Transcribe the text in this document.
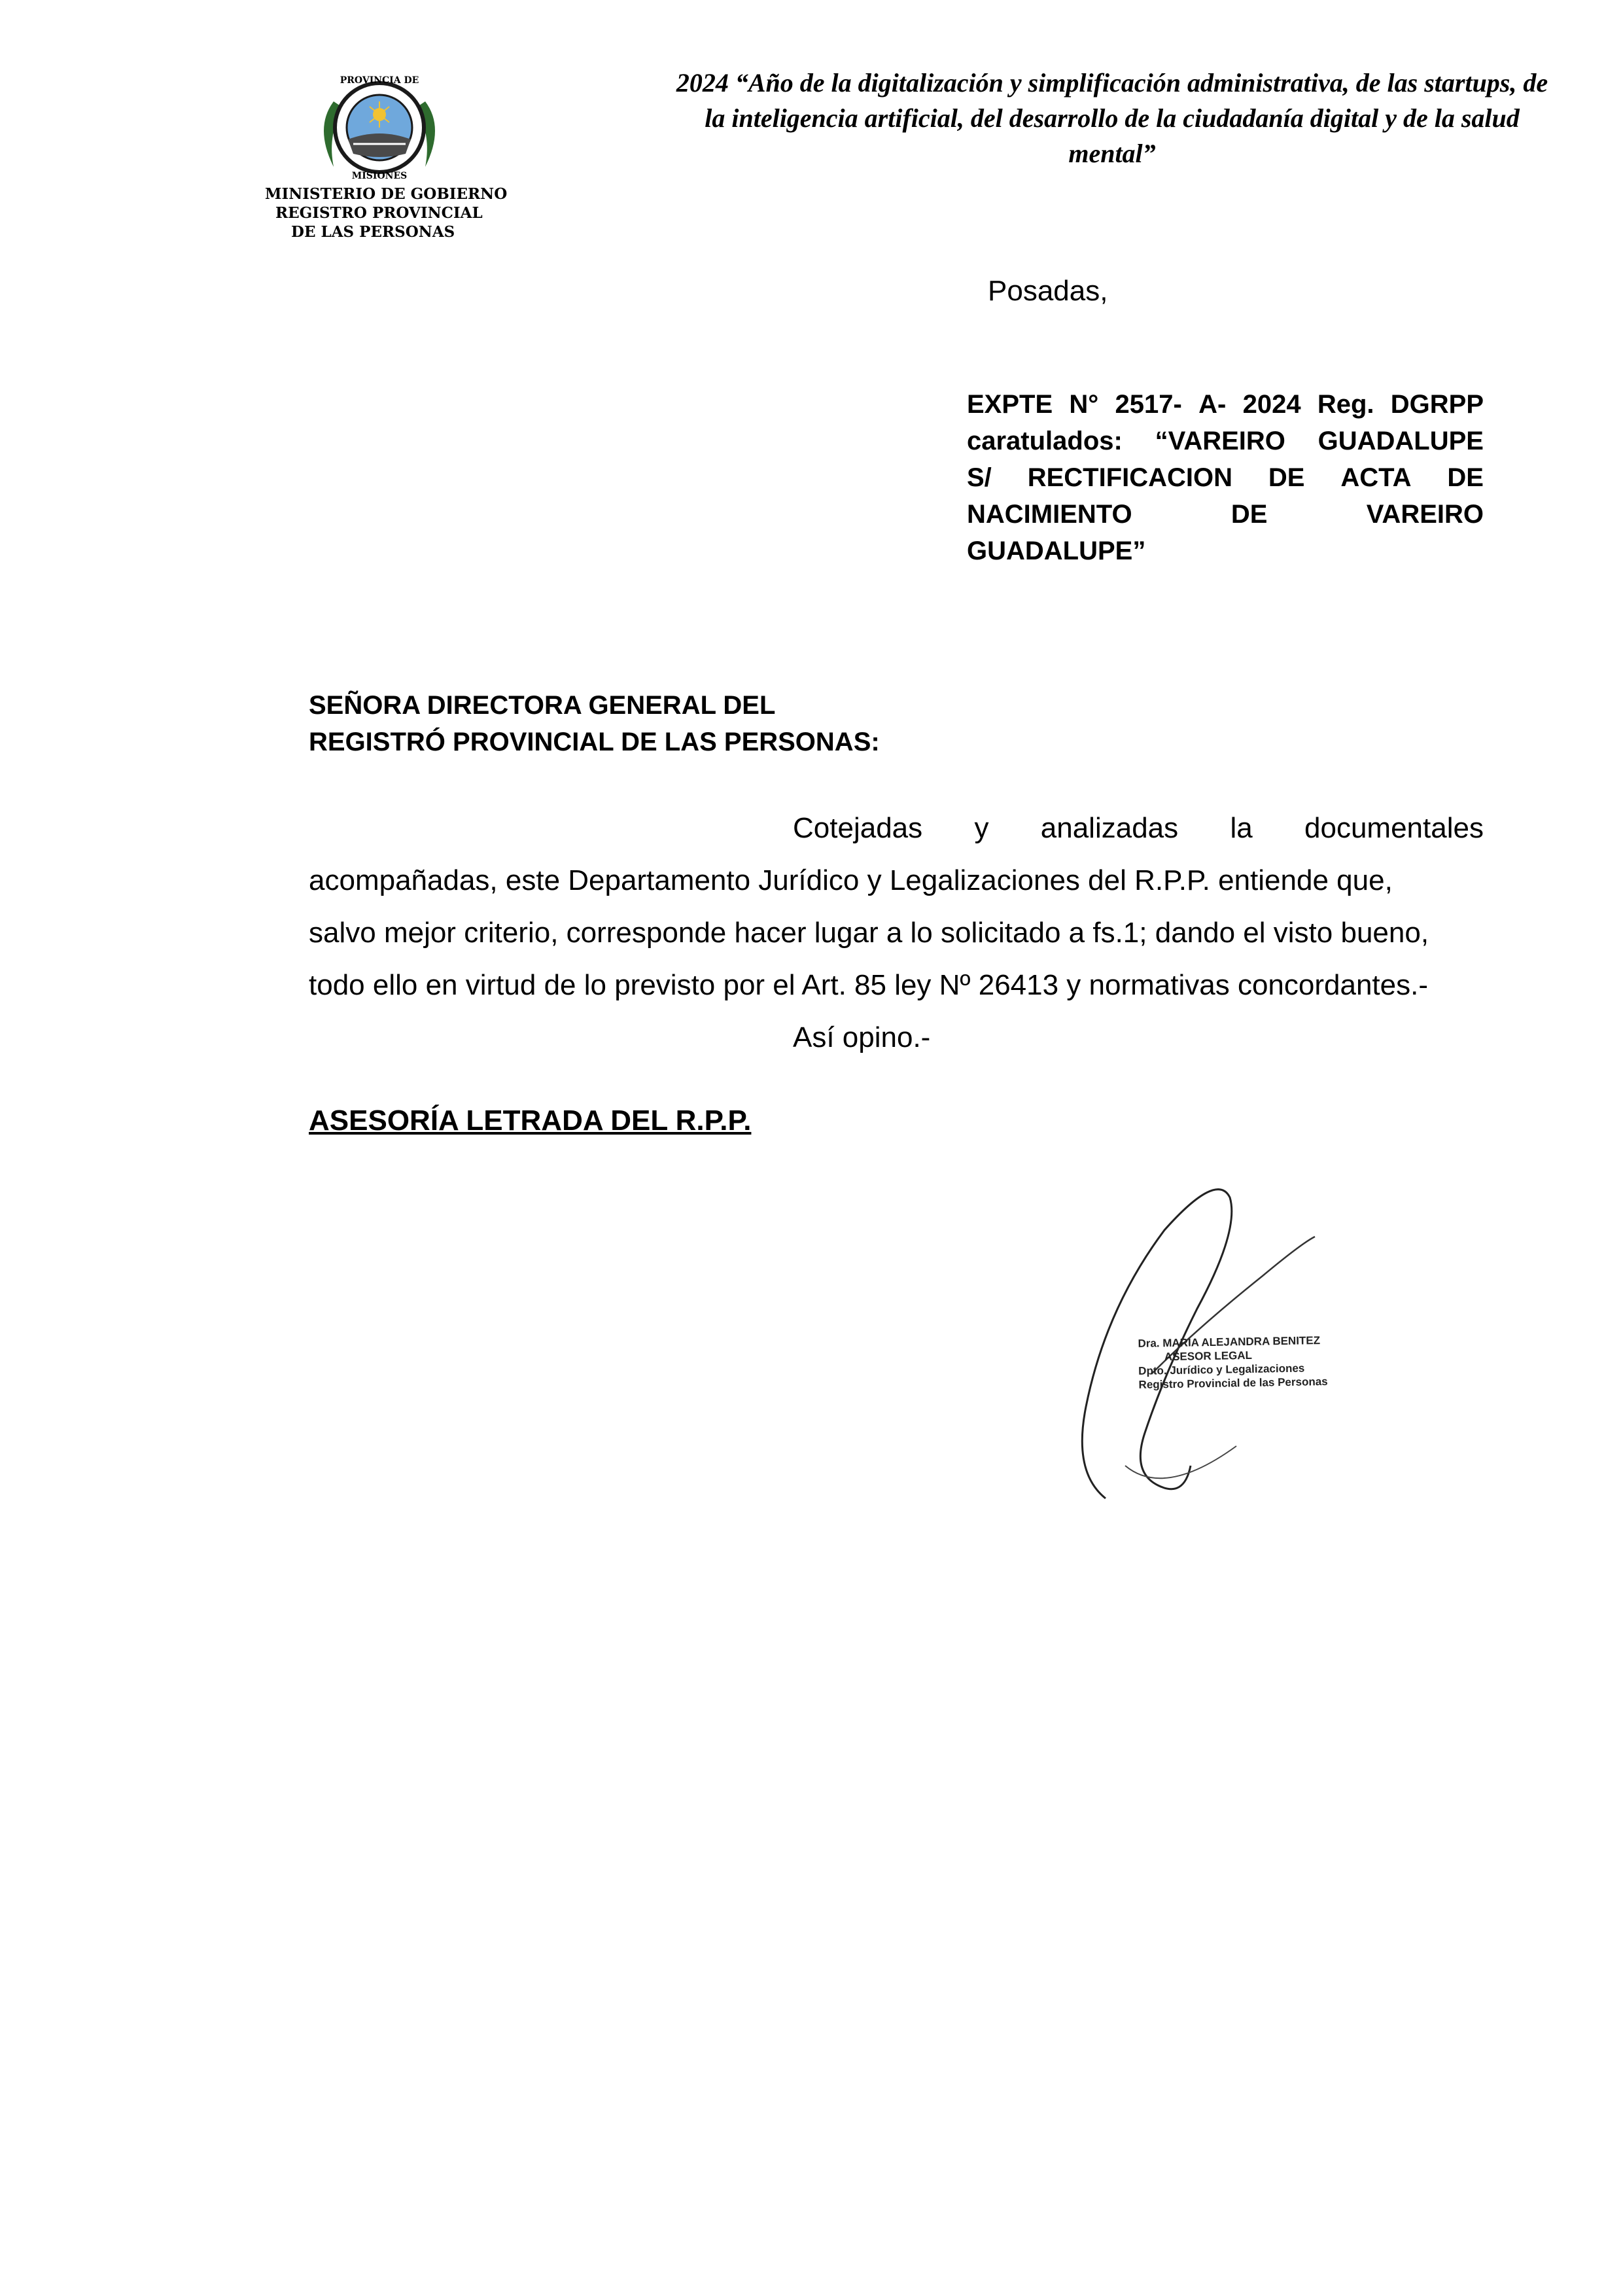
PROVINCIA DE
MISIONES
MINISTERIO DE GOBIERNO
REGISTRO PROVINCIAL
DE LAS PERSONAS
2024 “Año de la digitalización y simplificación administrativa, de las startups, de la inteligencia artificial, del desarrollo de la ciudadanía digital y de la salud mental”
Posadas,
EXPTE N° 2517- A- 2024 Reg. DGRPP
caratulados: “VAREIRO GUADALUPE
S/ RECTIFICACION DE ACTA DE
NACIMIENTO	DE	VAREIRO
GUADALUPE”
SEÑORA DIRECTORA GENERAL DEL
REGISTRÓ PROVINCIAL DE LAS PERSONAS:
Cotejadas y analizadas la documentales
acompañadas, este Departamento Jurídico y Legalizaciones del R.P.P. entiende que,
salvo mejor criterio, corresponde hacer lugar a lo solicitado a fs.1; dando el visto bueno,
todo ello en virtud de lo previsto por el Art. 85 ley Nº 26413 y normativas concordantes.-
Así opino.-
ASESORÍA LETRADA DEL R.P.P.
Dra. MARIA ALEJANDRA BENITEZ
ASESOR LEGAL
Dpto. Jurídico y Legalizaciones
Registro Provincial de las Personas
